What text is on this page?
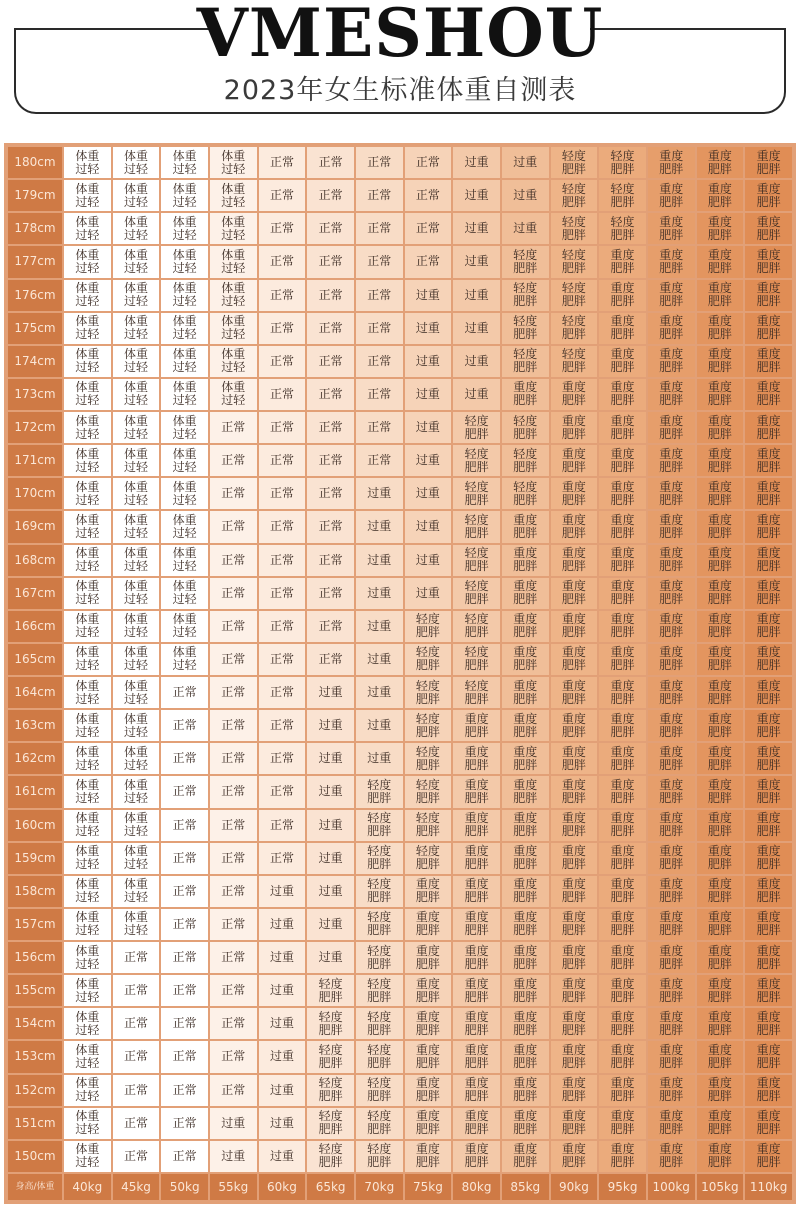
VMESHOU
2023年女生标准体重自测表
180cm	体重过轻	体重过轻	体重过轻	体重过轻	正常	正常	正常	正常	过重	过重	轻度肥胖	轻度肥胖	重度肥胖	重度肥胖	重度肥胖
179cm	体重过轻	体重过轻	体重过轻	体重过轻	正常	正常	正常	正常	过重	过重	轻度肥胖	轻度肥胖	重度肥胖	重度肥胖	重度肥胖
178cm	体重过轻	体重过轻	体重过轻	体重过轻	正常	正常	正常	正常	过重	过重	轻度肥胖	轻度肥胖	重度肥胖	重度肥胖	重度肥胖
177cm	体重过轻	体重过轻	体重过轻	体重过轻	正常	正常	正常	正常	过重	轻度肥胖	轻度肥胖	重度肥胖	重度肥胖	重度肥胖	重度肥胖
176cm	体重过轻	体重过轻	体重过轻	体重过轻	正常	正常	正常	过重	过重	轻度肥胖	轻度肥胖	重度肥胖	重度肥胖	重度肥胖	重度肥胖
175cm	体重过轻	体重过轻	体重过轻	体重过轻	正常	正常	正常	过重	过重	轻度肥胖	轻度肥胖	重度肥胖	重度肥胖	重度肥胖	重度肥胖
174cm	体重过轻	体重过轻	体重过轻	体重过轻	正常	正常	正常	过重	过重	轻度肥胖	轻度肥胖	重度肥胖	重度肥胖	重度肥胖	重度肥胖
173cm	体重过轻	体重过轻	体重过轻	体重过轻	正常	正常	正常	过重	过重	重度肥胖	重度肥胖	重度肥胖	重度肥胖	重度肥胖	重度肥胖
172cm	体重过轻	体重过轻	体重过轻	正常	正常	正常	正常	过重	轻度肥胖	轻度肥胖	重度肥胖	重度肥胖	重度肥胖	重度肥胖	重度肥胖
171cm	体重过轻	体重过轻	体重过轻	正常	正常	正常	正常	过重	轻度肥胖	轻度肥胖	重度肥胖	重度肥胖	重度肥胖	重度肥胖	重度肥胖
170cm	体重过轻	体重过轻	体重过轻	正常	正常	正常	过重	过重	轻度肥胖	轻度肥胖	重度肥胖	重度肥胖	重度肥胖	重度肥胖	重度肥胖
169cm	体重过轻	体重过轻	体重过轻	正常	正常	正常	过重	过重	轻度肥胖	重度肥胖	重度肥胖	重度肥胖	重度肥胖	重度肥胖	重度肥胖
168cm	体重过轻	体重过轻	体重过轻	正常	正常	正常	过重	过重	轻度肥胖	重度肥胖	重度肥胖	重度肥胖	重度肥胖	重度肥胖	重度肥胖
167cm	体重过轻	体重过轻	体重过轻	正常	正常	正常	过重	过重	轻度肥胖	重度肥胖	重度肥胖	重度肥胖	重度肥胖	重度肥胖	重度肥胖
166cm	体重过轻	体重过轻	体重过轻	正常	正常	正常	过重	轻度肥胖	轻度肥胖	重度肥胖	重度肥胖	重度肥胖	重度肥胖	重度肥胖	重度肥胖
165cm	体重过轻	体重过轻	体重过轻	正常	正常	正常	过重	轻度肥胖	轻度肥胖	重度肥胖	重度肥胖	重度肥胖	重度肥胖	重度肥胖	重度肥胖
164cm	体重过轻	体重过轻	正常	正常	正常	过重	过重	轻度肥胖	轻度肥胖	重度肥胖	重度肥胖	重度肥胖	重度肥胖	重度肥胖	重度肥胖
163cm	体重过轻	体重过轻	正常	正常	正常	过重	过重	轻度肥胖	重度肥胖	重度肥胖	重度肥胖	重度肥胖	重度肥胖	重度肥胖	重度肥胖
162cm	体重过轻	体重过轻	正常	正常	正常	过重	过重	轻度肥胖	重度肥胖	重度肥胖	重度肥胖	重度肥胖	重度肥胖	重度肥胖	重度肥胖
161cm	体重过轻	体重过轻	正常	正常	正常	过重	轻度肥胖	轻度肥胖	重度肥胖	重度肥胖	重度肥胖	重度肥胖	重度肥胖	重度肥胖	重度肥胖
160cm	体重过轻	体重过轻	正常	正常	正常	过重	轻度肥胖	轻度肥胖	重度肥胖	重度肥胖	重度肥胖	重度肥胖	重度肥胖	重度肥胖	重度肥胖
159cm	体重过轻	体重过轻	正常	正常	正常	过重	轻度肥胖	轻度肥胖	重度肥胖	重度肥胖	重度肥胖	重度肥胖	重度肥胖	重度肥胖	重度肥胖
158cm	体重过轻	体重过轻	正常	正常	过重	过重	轻度肥胖	重度肥胖	重度肥胖	重度肥胖	重度肥胖	重度肥胖	重度肥胖	重度肥胖	重度肥胖
157cm	体重过轻	体重过轻	正常	正常	过重	过重	轻度肥胖	重度肥胖	重度肥胖	重度肥胖	重度肥胖	重度肥胖	重度肥胖	重度肥胖	重度肥胖
156cm	体重过轻	正常	正常	正常	过重	过重	轻度肥胖	重度肥胖	重度肥胖	重度肥胖	重度肥胖	重度肥胖	重度肥胖	重度肥胖	重度肥胖
155cm	体重过轻	正常	正常	正常	过重	轻度肥胖	轻度肥胖	重度肥胖	重度肥胖	重度肥胖	重度肥胖	重度肥胖	重度肥胖	重度肥胖	重度肥胖
154cm	体重过轻	正常	正常	正常	过重	轻度肥胖	轻度肥胖	重度肥胖	重度肥胖	重度肥胖	重度肥胖	重度肥胖	重度肥胖	重度肥胖	重度肥胖
153cm	体重过轻	正常	正常	正常	过重	轻度肥胖	轻度肥胖	重度肥胖	重度肥胖	重度肥胖	重度肥胖	重度肥胖	重度肥胖	重度肥胖	重度肥胖
152cm	体重过轻	正常	正常	正常	过重	轻度肥胖	轻度肥胖	重度肥胖	重度肥胖	重度肥胖	重度肥胖	重度肥胖	重度肥胖	重度肥胖	重度肥胖
151cm	体重过轻	正常	正常	过重	过重	轻度肥胖	轻度肥胖	重度肥胖	重度肥胖	重度肥胖	重度肥胖	重度肥胖	重度肥胖	重度肥胖	重度肥胖
150cm	体重过轻	正常	正常	过重	过重	轻度肥胖	轻度肥胖	重度肥胖	重度肥胖	重度肥胖	重度肥胖	重度肥胖	重度肥胖	重度肥胖	重度肥胖
身高/体重	40kg	45kg	50kg	55kg	60kg	65kg	70kg	75kg	80kg	85kg	90kg	95kg	100kg	105kg	110kg
